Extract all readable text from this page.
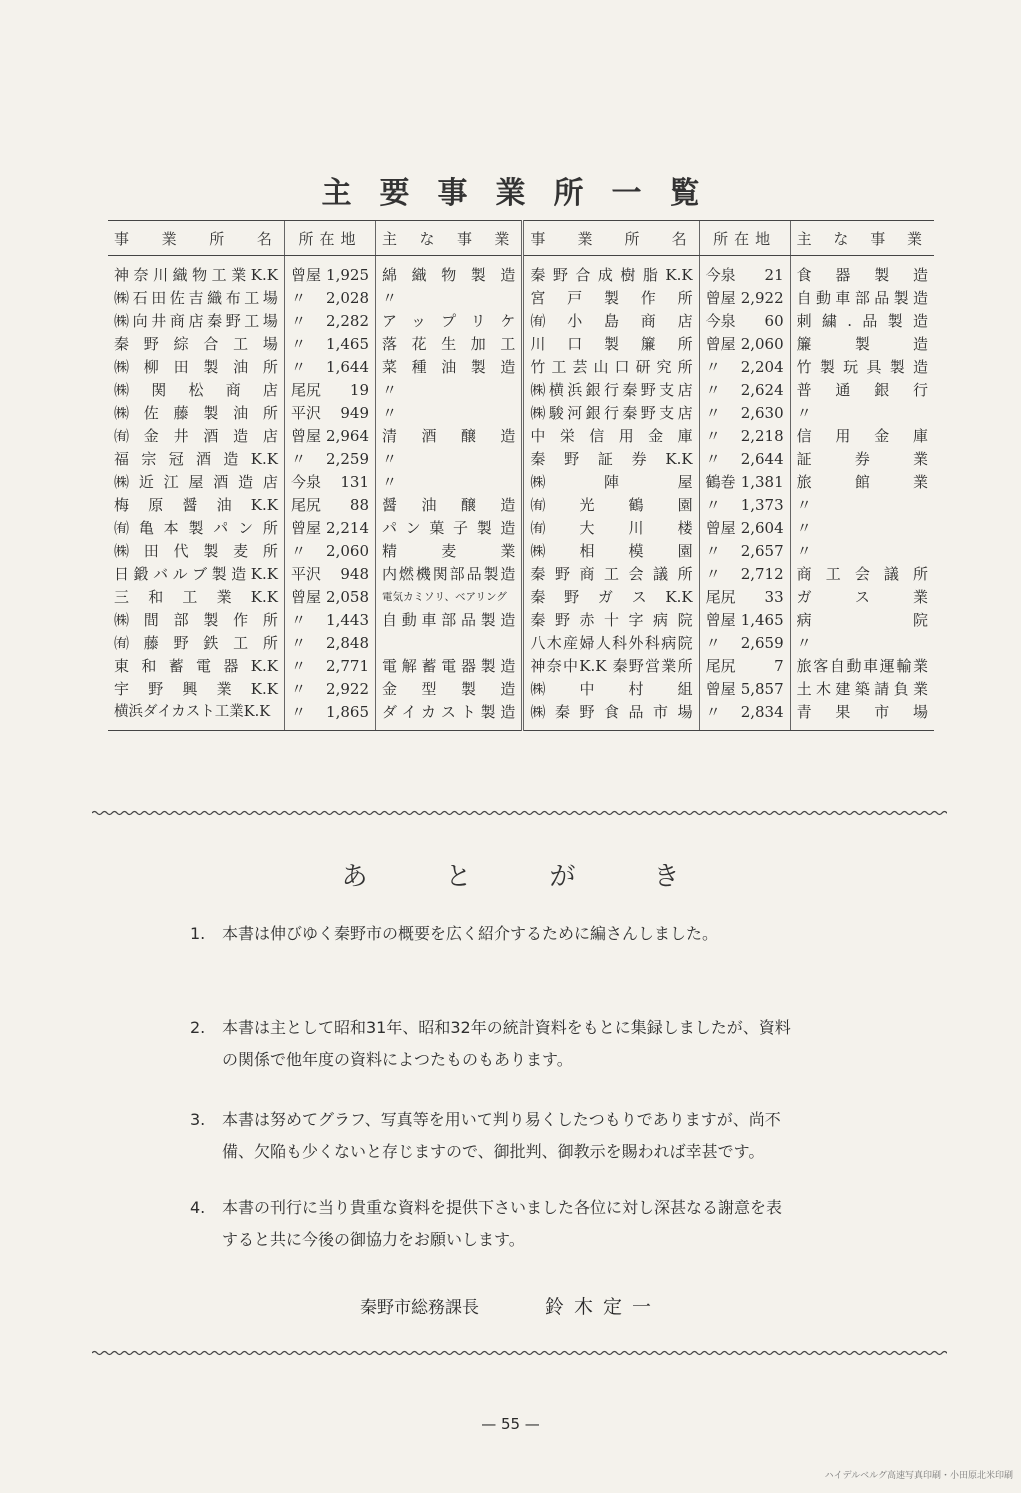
主要事業所一覧
事業所名	所在地	主な事業	事業所名	所在地	主な事業
神奈川織物工業K.K	曾屋 1,925	綿織物製造	秦野合成樹脂K.K	今泉 21	食器製造
㈱石田佐吉織布工場	〃 2,028	〃	宮戸製作所	曾屋 2,922	自動車部品製造
㈱向井商店秦野工場	〃 2,282	アップリケ	㈲小島商店	今泉 60	刺繍.品製造
秦野綜合工場	〃 1,465	落花生加工	川口製簾所	曾屋 2,060	簾製造
㈱柳田製油所	〃 1,644	菜種油製造	竹工芸山口研究所	〃 2,204	竹製玩具製造
㈱関松商店	尾尻 19	〃	㈱横浜銀行秦野支店	〃 2,624	普通銀行
㈱佐藤製油所	平沢 949	〃	㈱駿河銀行秦野支店	〃 2,630	〃
㈲金井酒造店	曾屋 2,964	清酒醸造	中栄信用金庫	〃 2,218	信用金庫
福宗冠酒造K.K	〃 2,259	〃	秦野証券K.K	〃 2,644	証券業
㈱近江屋酒造店	今泉 131	〃	㈱陣屋	鶴巻 1,381	旅館業
梅原醤油K.K	尾尻 88	醤油醸造	㈲光鶴園	〃 1,373	〃
㈲亀本製パン所	曾屋 2,214	パン菓子製造	㈲大川楼	曾屋 2,604	〃
㈱田代製麦所	〃 2,060	精麦業	㈱相模園	〃 2,657	〃
日鍛バルブ製造K.K	平沢 948	内燃機関部品製造	秦野商工会議所	〃 2,712	商工会議所
三和工業K.K	曾屋 2,058	電気カミソリ、ベアリング	秦野ガスK.K	尾尻 33	ガス業
㈱間部製作所	〃 1,443	自動車部品製造	秦野赤十字病院	曾屋 1,465	病院
㈲藤野鉄工所	〃 2,848		八木産婦人科外科病院	〃 2,659	〃
東和蓄電器K.K	〃 2,771	電解蓄電器製造	神奈中K.K 秦野営業所	尾尻 7	旅客自動車運輸業
宇野興業K.K	〃 2,922	金型製造	㈱中村組	曾屋 5,857	土木建築請負業
横浜ダイカスト工業K.K	〃 1,865	ダイカスト製造	㈱秦野食品市場	〃 2,834	青果市場
あとがき
1. 本書は伸びゆく秦野市の概要を広く紹介するために編さんしました。
2. 本書は主として昭和31年、昭和32年の統計資料をもとに集録しましたが、資料
の関係で他年度の資料によつたものもあります。
3. 本書は努めてグラフ、写真等を用いて判り易くしたつもりでありますが、尚不
備、欠陥も少くないと存じますので、御批判、御教示を賜われば幸甚です。
4. 本書の刊行に当り貴重な資料を提供下さいました各位に対し深甚なる謝意を表
すると共に今後の御協力をお願いします。
秦野市総務課長	鈴木定一
— 55 —
ハイデルベルグ高速写真印刷・小田原北米印刷
